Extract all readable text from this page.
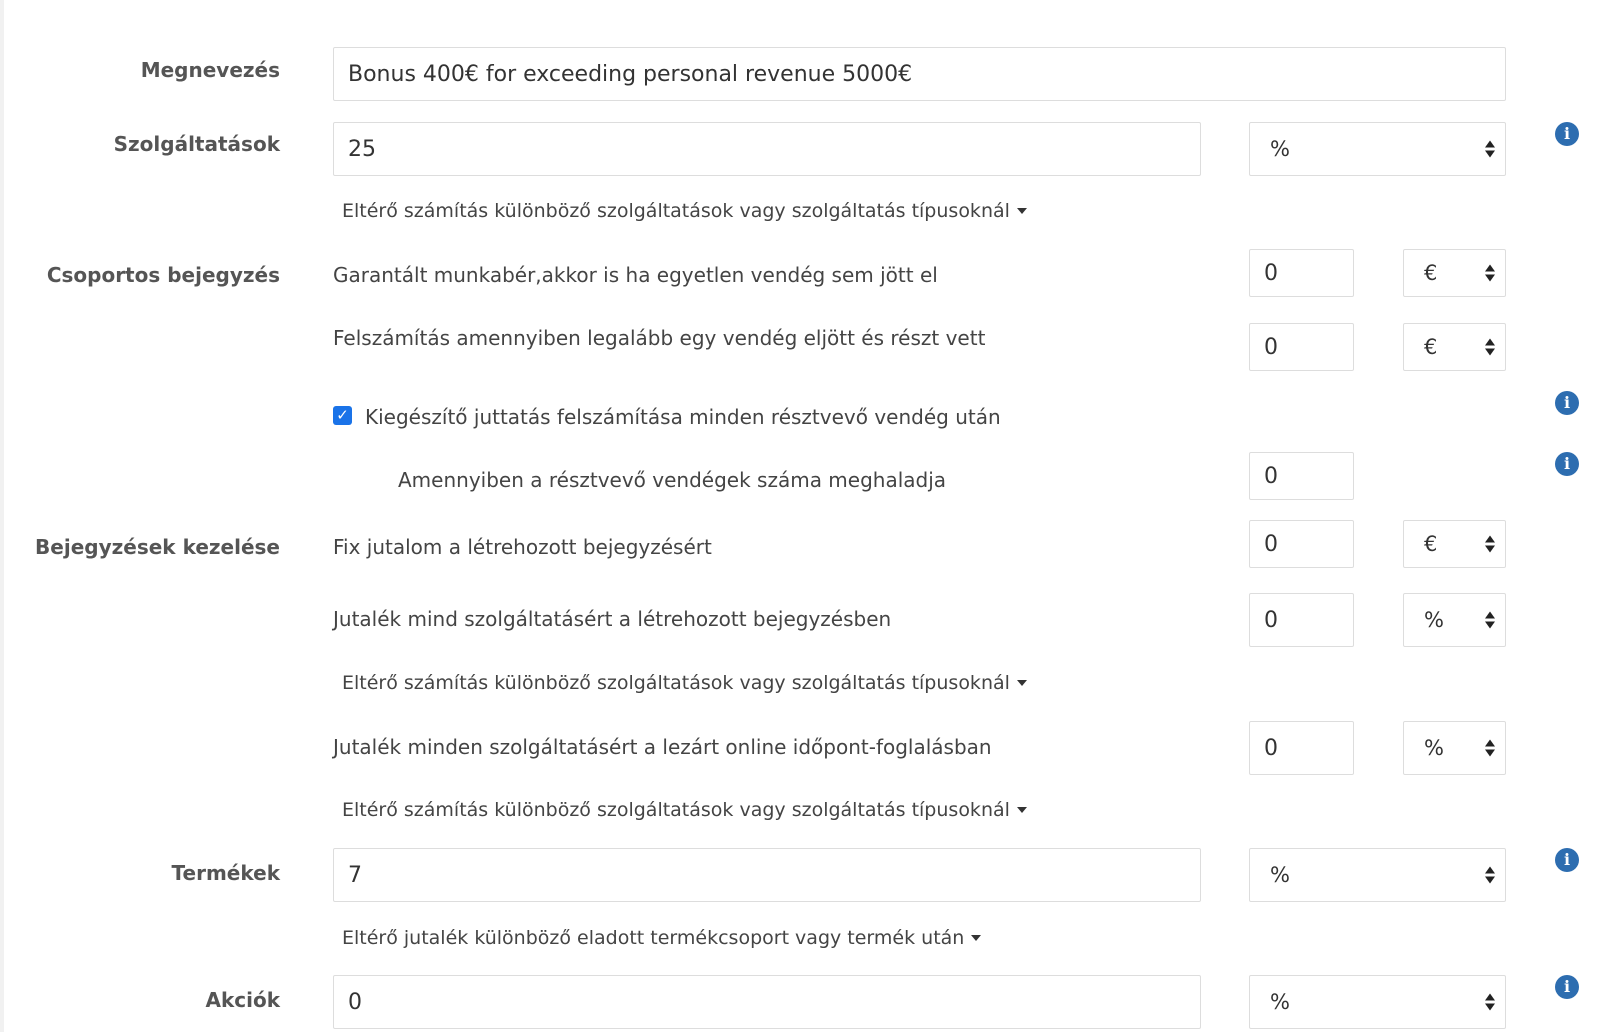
Megnevezés	Bonus 400€ for exceeding personal revenue 5000€
Szolgáltatások	25	%
i
Eltérő számítás különböző szolgáltatások vagy szolgáltatás típusoknál
Csoportos bejegyzés	Garantált munkabér,akkor is ha egyetlen vendég sem jött el	0	€
Felszámítás amennyiben legalább egy vendég eljött és részt vett	0	€
✓ Kiegészítő juttatás felszámítása minden résztvevő vendég után
i
Amennyiben a résztvevő vendégek száma meghaladja	0	i
Bejegyzések kezelése	Fix jutalom a létrehozott bejegyzésért	0	€
Jutalék mind szolgáltatásért a létrehozott bejegyzésben	0	%
Eltérő számítás különböző szolgáltatások vagy szolgáltatás típusoknál
Jutalék minden szolgáltatásért a lezárt online időpont-foglalásban	0	%
Eltérő számítás különböző szolgáltatások vagy szolgáltatás típusoknál
Termékek	7	%
i
Eltérő jutalék különböző eladott termékcsoport vagy termék után
Akciók	0	%
i
